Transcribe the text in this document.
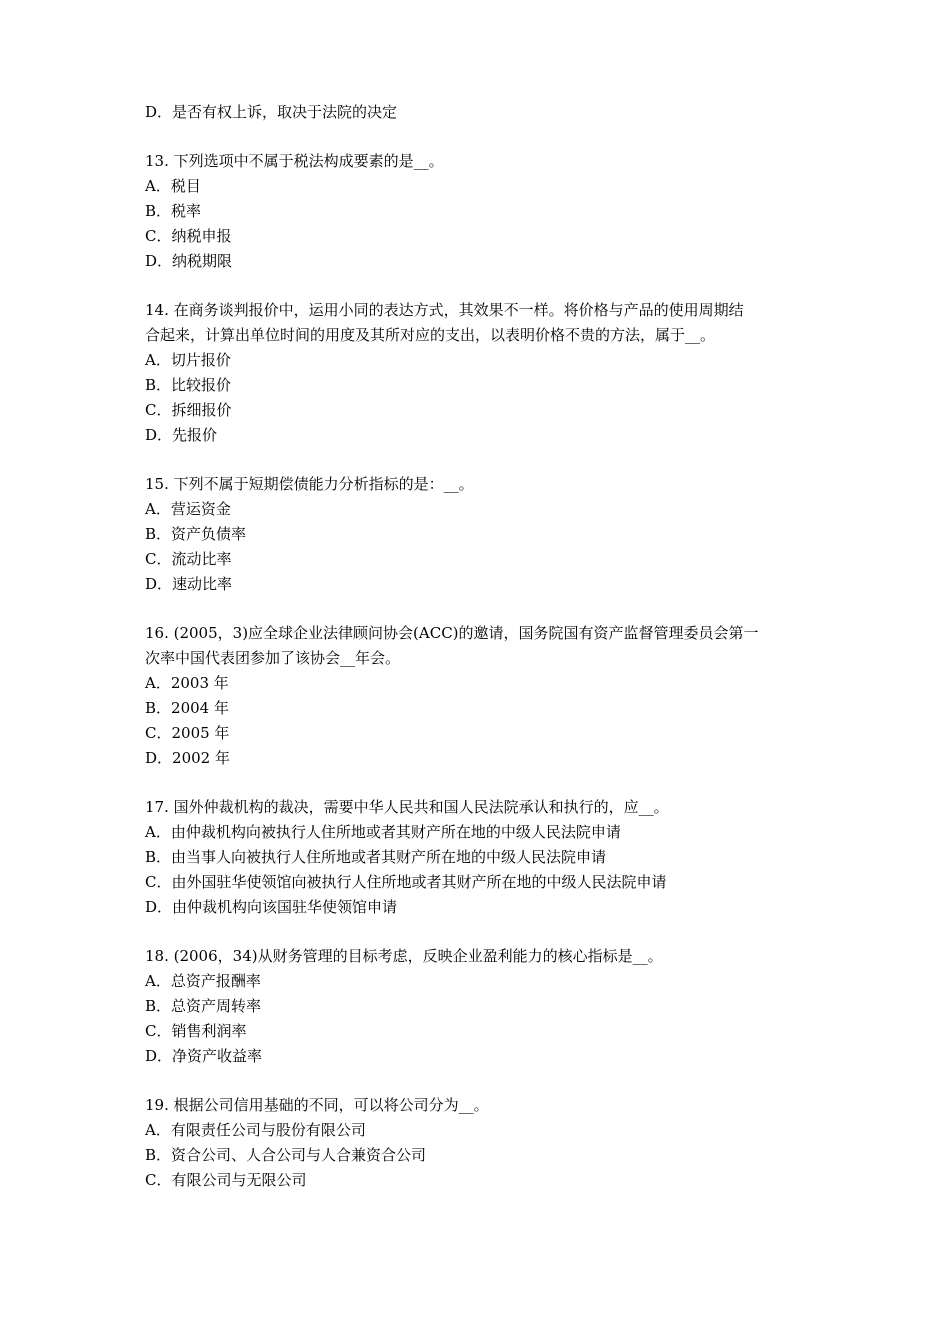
D．是否有权上诉，取决于法院的决定
13. 下列选项中不属于税法构成要素的是__。
A．税目
B．税率
C．纳税申报
D．纳税期限
14. 在商务谈判报价中，运用小同的表达方式，其效果不一样。将价格与产品的使用周期结
合起来，计算出单位时间的用度及其所对应的支出，以表明价格不贵的方法，属于__。
A．切片报价
B．比较报价
C．拆细报价
D．先报价
15. 下列不属于短期偿债能力分析指标的是：__。
A．营运资金
B．资产负债率
C．流动比率
D．速动比率
16. (2005，3)应全球企业法律顾问协会(ACC)的邀请，国务院国有资产监督管理委员会第一
次率中国代表团参加了该协会__年会。
A．2003 年
B．2004 年
C．2005 年
D．2002 年
17. 国外仲裁机构的裁决，需要中华人民共和国人民法院承认和执行的，应__。
A．由仲裁机构向被执行人住所地或者其财产所在地的中级人民法院申请
B．由当事人向被执行人住所地或者其财产所在地的中级人民法院申请
C．由外国驻华使领馆向被执行人住所地或者其财产所在地的中级人民法院申请
D．由仲裁机构向该国驻华使领馆申请
18. (2006，34)从财务管理的目标考虑，反映企业盈利能力的核心指标是__。
A．总资产报酬率
B．总资产周转率
C．销售利润率
D．净资产收益率
19. 根据公司信用基础的不同，可以将公司分为__。
A．有限责任公司与股份有限公司
B．资合公司、人合公司与人合兼资合公司
C．有限公司与无限公司
